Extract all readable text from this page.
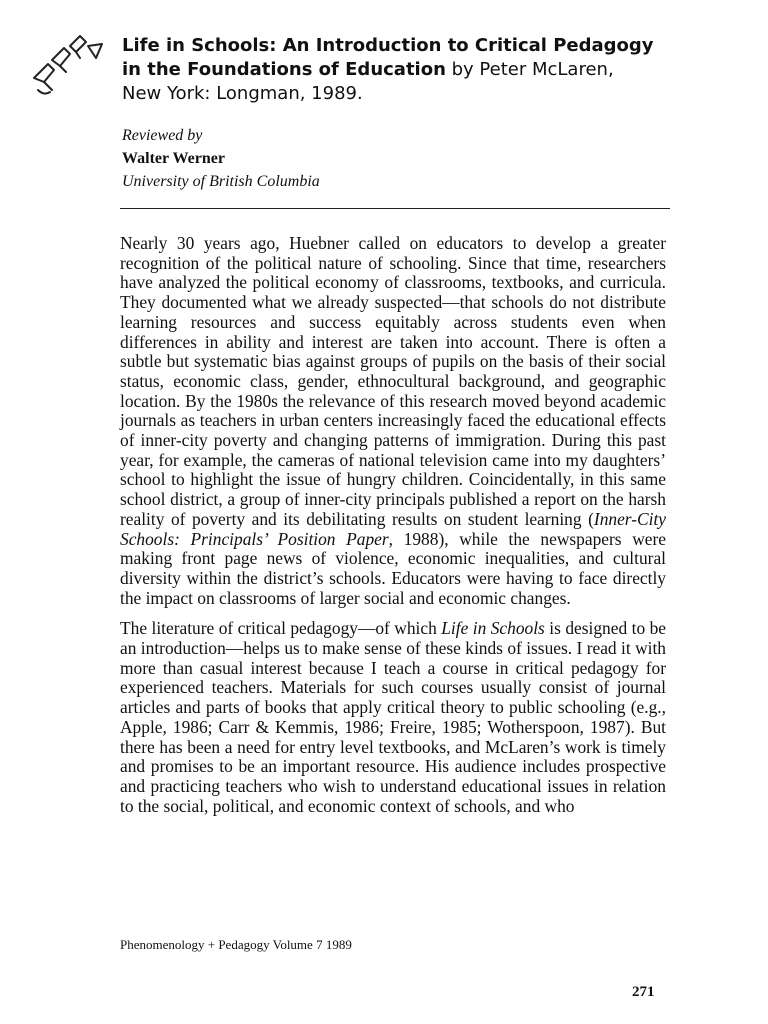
Life in Schools: An Introduction to Critical Pedagogy
in the Foundations of Education by Peter McLaren,
New York: Longman, 1989.
Reviewed by
Walter Werner
University of British Columbia

Nearly 30 years ago, Huebner called on educators to develop a greater recognition of the political nature of schooling. Since that time, researchers have analyzed the political economy of classrooms, textbooks, and curricula. They documented what we already suspected—that schools do not distribute learning resources and success equitably across students even when differences in ability and interest are taken into account. There is often a subtle but systematic bias against groups of pupils on the basis of their social status, economic class, gender, ethnocultural background, and geographic location. By the 1980s the relevance of this research moved beyond academic journals as teachers in urban centers increasingly faced the educational effects of inner-city poverty and changing patterns of immigration. During this past year, for example, the cameras of national television came into my daughters’ school to highlight the issue of hungry children. Coincidentally, in this same school district, a group of inner-city principals published a report on the harsh reality of poverty and its debilitating results on student learning (Inner-City Schools: Principals’ Position Paper, 1988), while the newspapers were making front page news of violence, economic inequalities, and cultural diversity within the district’s schools. Educators were having to face directly the impact on classrooms of larger social and economic changes.

The literature of critical pedagogy—of which Life in Schools is designed to be an introduction—helps us to make sense of these kinds of issues. I read it with more than casual interest because I teach a course in critical pedagogy for experienced teachers. Materials for such courses usually consist of journal articles and parts of books that apply critical theory to public schooling (e.g., Apple, 1986; Carr & Kemmis, 1986; Freire, 1985; Wotherspoon, 1987). But there has been a need for entry level textbooks, and McLaren’s work is timely and promises to be an important resource. His audience includes prospective and practicing teachers who wish to understand educational issues in relation to the social, political, and economic context of schools, and who

Phenomenology + Pedagogy Volume 7 1989
271
